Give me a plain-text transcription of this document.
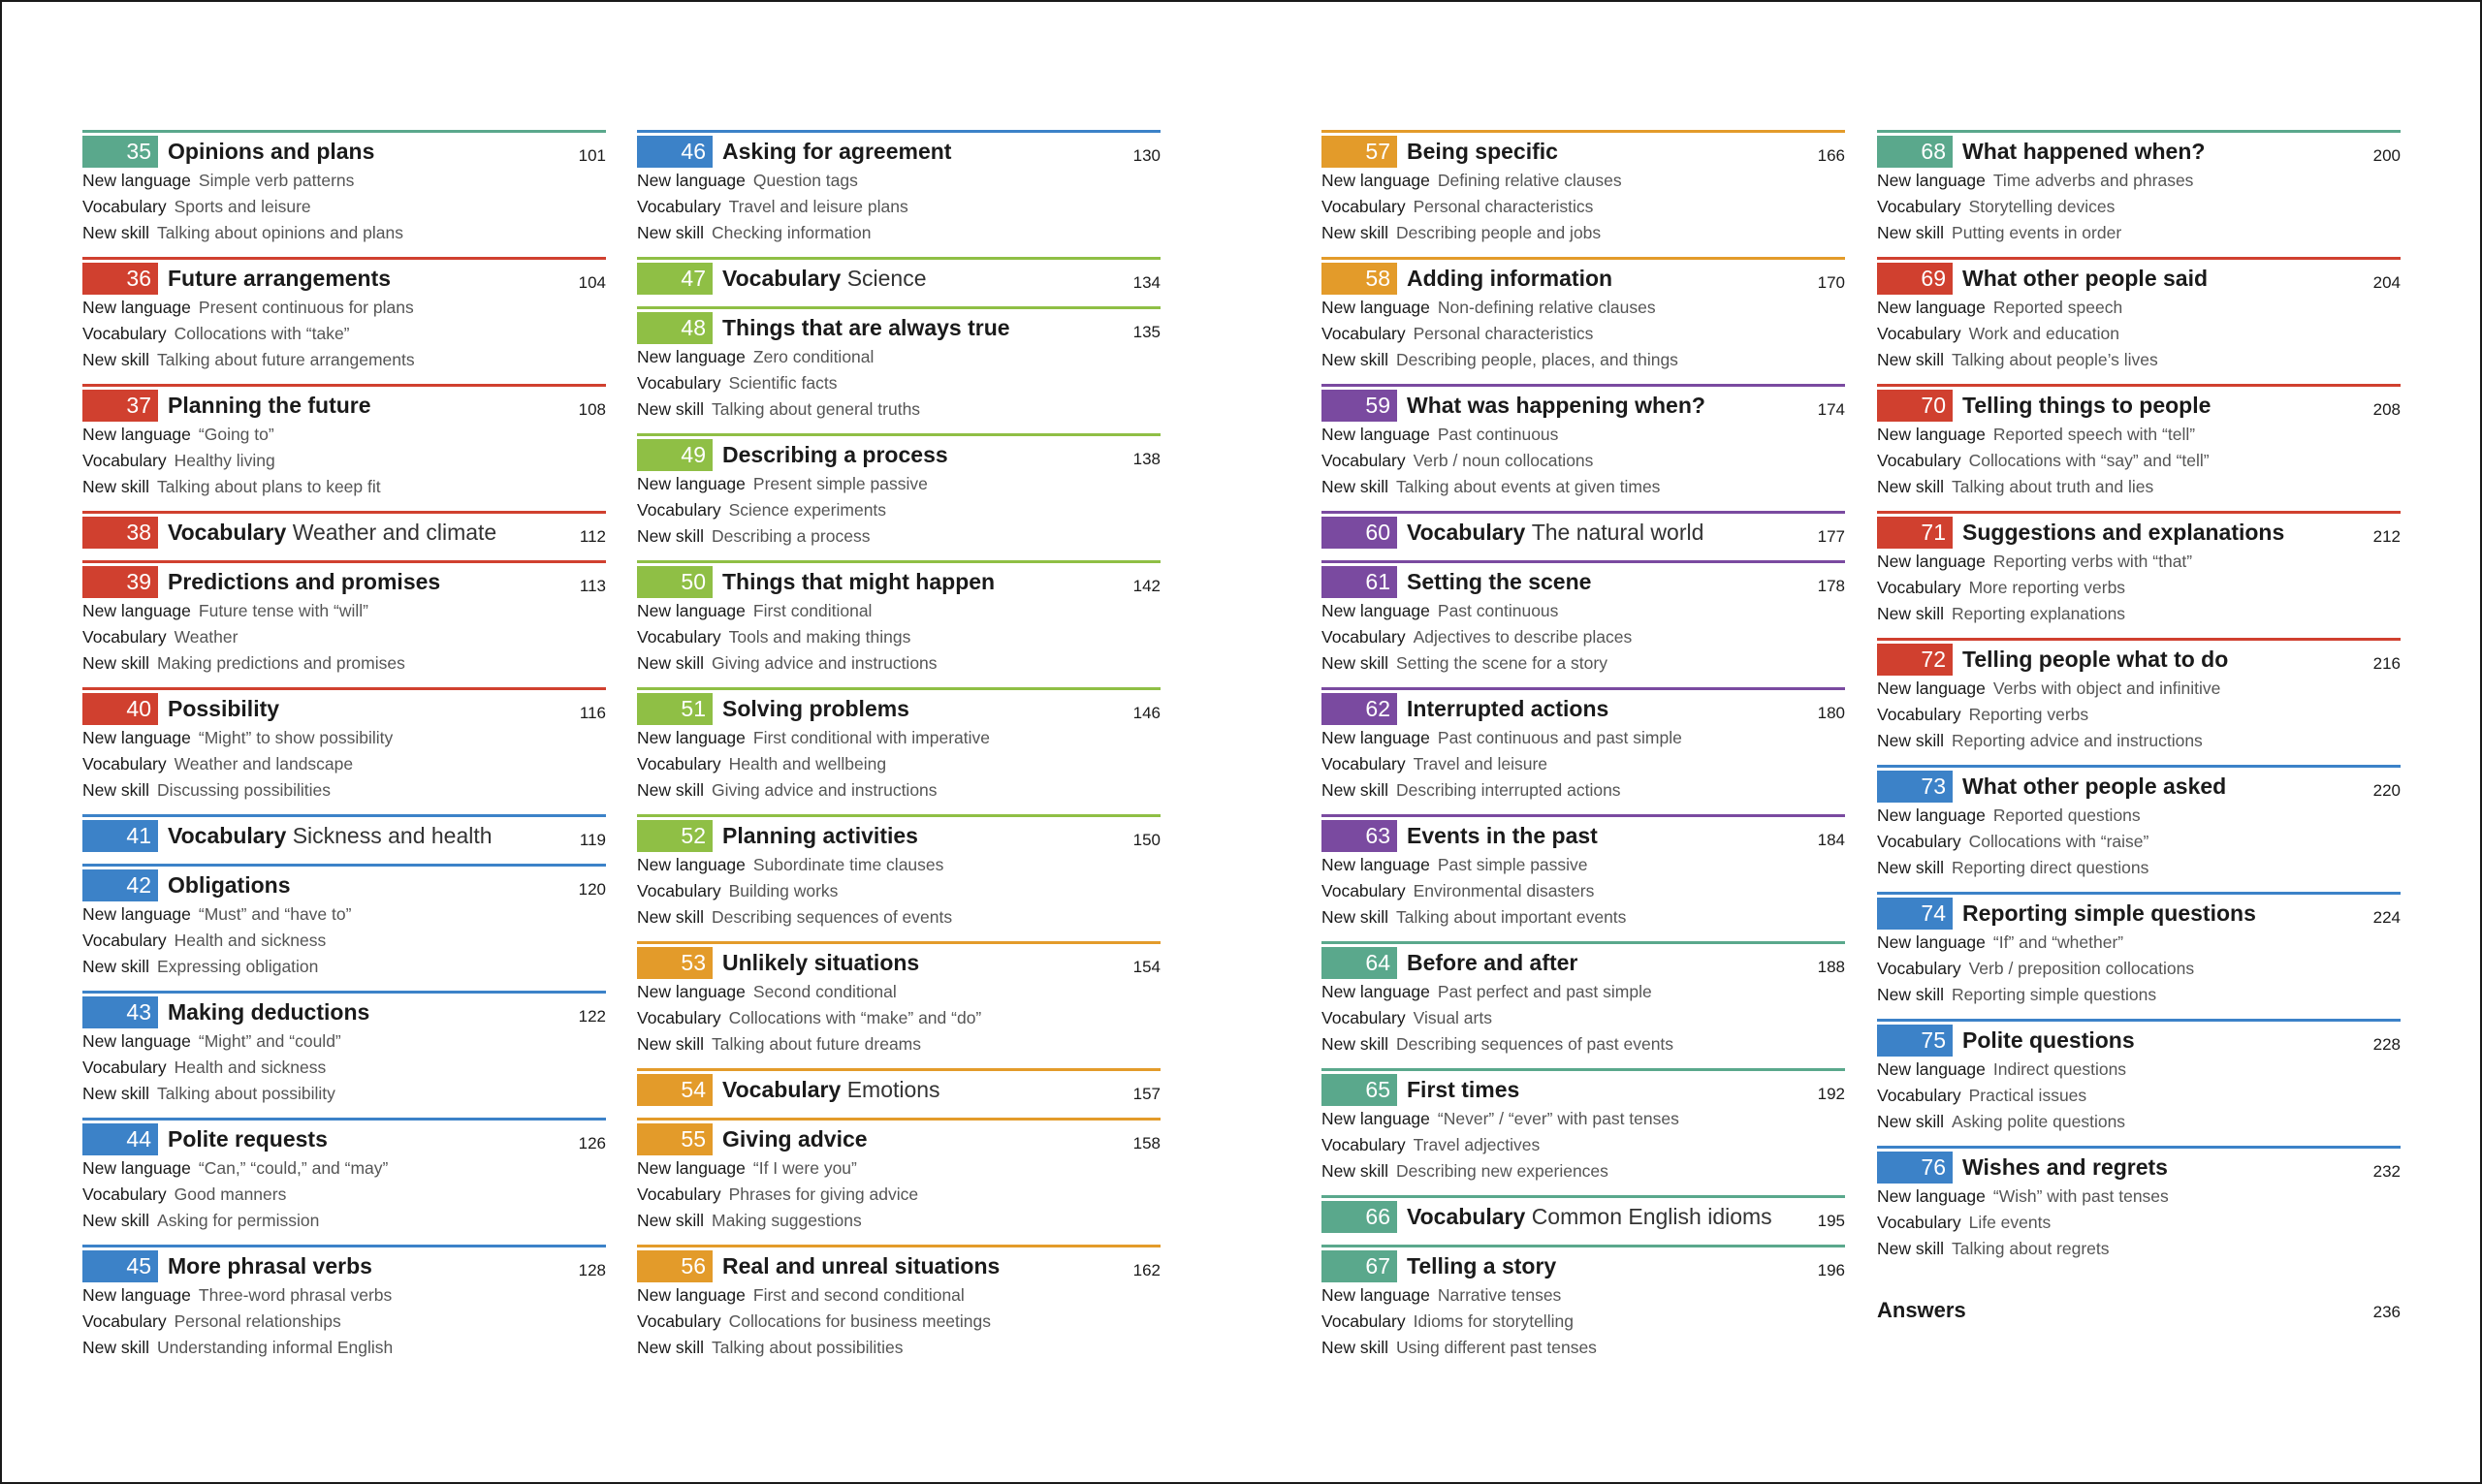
35 Opinions and plans	101
New language Simple verb patterns
Vocabulary Sports and leisure
New skill Talking about opinions and plans
36 Future arrangements	104
New language Present continuous for plans
Vocabulary Collocations with “take”
New skill Talking about future arrangements
37 Planning the future	108
New language “Going to”
Vocabulary Healthy living
New skill Talking about plans to keep fit
38 Vocabulary Weather and climate	112
39 Predictions and promises	113
New language Future tense with “will”
Vocabulary Weather
New skill Making predictions and promises
40 Possibility	116
New language “Might” to show possibility
Vocabulary Weather and landscape
New skill Discussing possibilities
41 Vocabulary Sickness and health	119
42 Obligations	120
New language “Must” and “have to”
Vocabulary Health and sickness
New skill Expressing obligation
43 Making deductions	122
New language “Might” and “could”
Vocabulary Health and sickness
New skill Talking about possibility
44 Polite requests	126
New language “Can,” “could,” and “may”
Vocabulary Good manners
New skill Asking for permission
45 More phrasal verbs	128
New language Three-word phrasal verbs
Vocabulary Personal relationships
New skill Understanding informal English
46 Asking for agreement	130
New language Question tags
Vocabulary Travel and leisure plans
New skill Checking information
47 Vocabulary Science	134
48 Things that are always true	135
New language Zero conditional
Vocabulary Scientific facts
New skill Talking about general truths
49 Describing a process	138
New language Present simple passive
Vocabulary Science experiments
New skill Describing a process
50 Things that might happen	142
New language First conditional
Vocabulary Tools and making things
New skill Giving advice and instructions
51 Solving problems	146
New language First conditional with imperative
Vocabulary Health and wellbeing
New skill Giving advice and instructions
52 Planning activities	150
New language Subordinate time clauses
Vocabulary Building works
New skill Describing sequences of events
53 Unlikely situations	154
New language Second conditional
Vocabulary Collocations with “make” and “do”
New skill Talking about future dreams
54 Vocabulary Emotions	157
55 Giving advice	158
New language “If I were you”
Vocabulary Phrases for giving advice
New skill Making suggestions
56 Real and unreal situations	162
New language First and second conditional
Vocabulary Collocations for business meetings
New skill Talking about possibilities
57 Being specific	166
New language Defining relative clauses
Vocabulary Personal characteristics
New skill Describing people and jobs
58 Adding information	170
New language Non-defining relative clauses
Vocabulary Personal characteristics
New skill Describing people, places, and things
59 What was happening when?	174
New language Past continuous
Vocabulary Verb / noun collocations
New skill Talking about events at given times
60 Vocabulary The natural world	177
61 Setting the scene	178
New language Past continuous
Vocabulary Adjectives to describe places
New skill Setting the scene for a story
62 Interrupted actions	180
New language Past continuous and past simple
Vocabulary Travel and leisure
New skill Describing interrupted actions
63 Events in the past	184
New language Past simple passive
Vocabulary Environmental disasters
New skill Talking about important events
64 Before and after	188
New language Past perfect and past simple
Vocabulary Visual arts
New skill Describing sequences of past events
65 First times	192
New language “Never” / “ever” with past tenses
Vocabulary Travel adjectives
New skill Describing new experiences
66 Vocabulary Common English idioms	195
67 Telling a story	196
New language Narrative tenses
Vocabulary Idioms for storytelling
New skill Using different past tenses
68 What happened when?	200
New language Time adverbs and phrases
Vocabulary Storytelling devices
New skill Putting events in order
69 What other people said	204
New language Reported speech
Vocabulary Work and education
New skill Talking about people’s lives
70 Telling things to people	208
New language Reported speech with “tell”
Vocabulary Collocations with “say” and “tell”
New skill Talking about truth and lies
71 Suggestions and explanations	212
New language Reporting verbs with “that”
Vocabulary More reporting verbs
New skill Reporting explanations
72 Telling people what to do	216
New language Verbs with object and infinitive
Vocabulary Reporting verbs
New skill Reporting advice and instructions
73 What other people asked	220
New language Reported questions
Vocabulary Collocations with “raise”
New skill Reporting direct questions
74 Reporting simple questions	224
New language “If” and “whether”
Vocabulary Verb / preposition collocations
New skill Reporting simple questions
75 Polite questions	228
New language Indirect questions
Vocabulary Practical issues
New skill Asking polite questions
76 Wishes and regrets	232
New language “Wish” with past tenses
Vocabulary Life events
New skill Talking about regrets
Answers	236
